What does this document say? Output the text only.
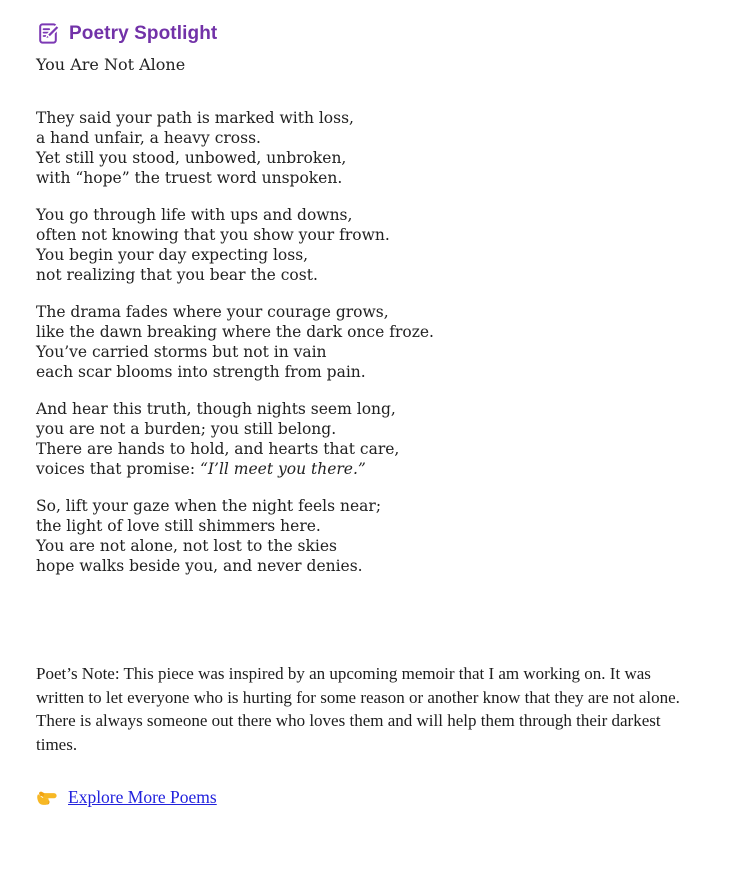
Poetry Spotlight
You Are Not Alone
They said your path is marked with loss,
a hand unfair, a heavy cross.
Yet still you stood, unbowed, unbroken,
with “hope” the truest word unspoken.
You go through life with ups and downs,
often not knowing that you show your frown.
You begin your day expecting loss,
not realizing that you bear the cost.
The drama fades where your courage grows,
like the dawn breaking where the dark once froze.
You’ve carried storms but not in vain
each scar blooms into strength from pain.
And hear this truth, though nights seem long,
you are not a burden; you still belong.
There are hands to hold, and hearts that care,
voices that promise: “I’ll meet you there.”
So, lift your gaze when the night feels near;
the light of love still shimmers here.
You are not alone, not lost to the skies
hope walks beside you, and never denies.

Poet’s Note: This piece was inspired by an upcoming memoir that I am working on. It was written to let everyone who is hurting for some reason or another know that they are not alone. There is always someone out there who loves them and will help them through their darkest times.

Explore More Poems
